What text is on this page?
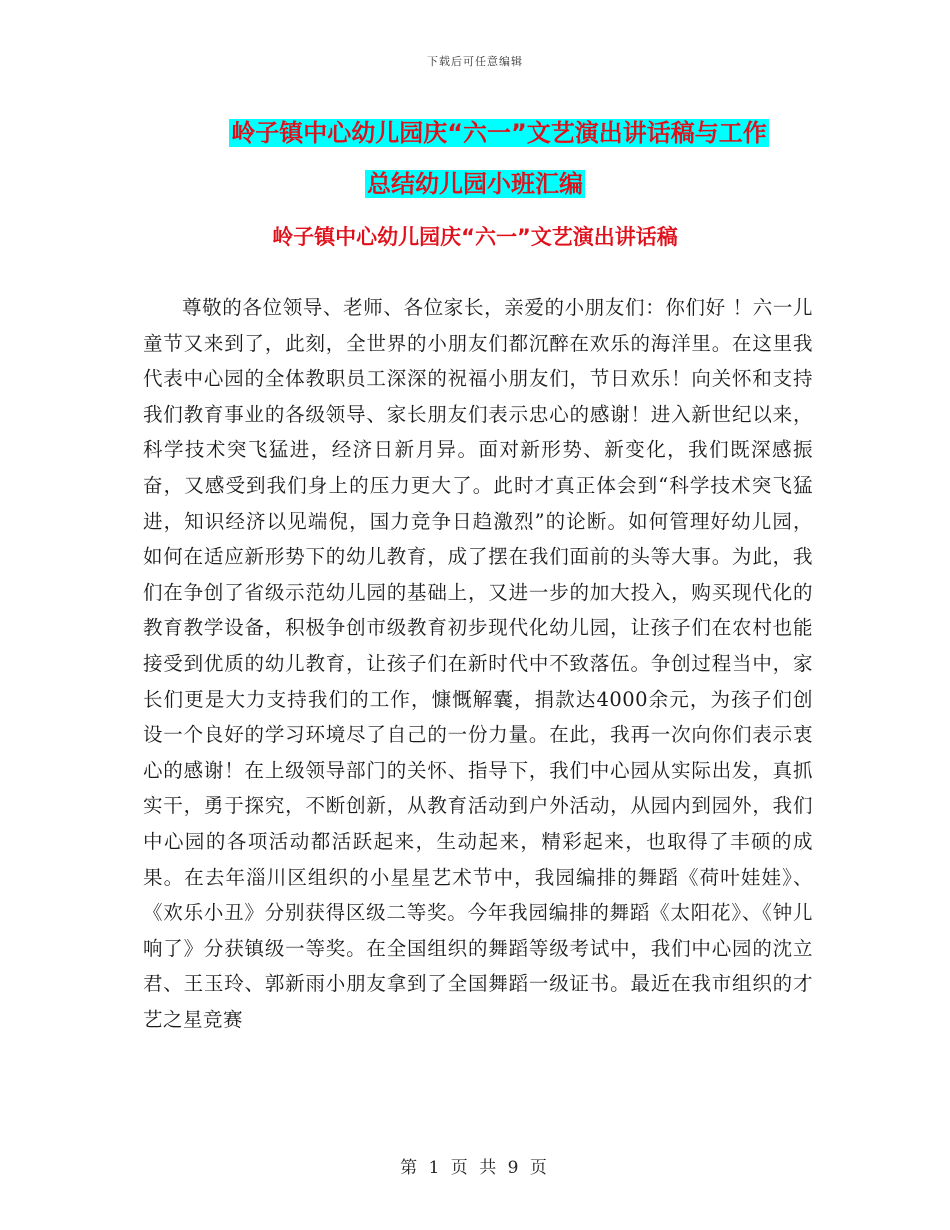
下载后可任意编辑
岭子镇中心幼儿园庆“六一”文艺演出讲话稿与工作
总结幼儿园小班汇编
岭子镇中心幼儿园庆“六一”文艺演出讲话稿
尊敬的各位领导、老师、各位家长，亲爱的小朋友们：你们好 ！六一儿童节又来到了，此刻，全世界的小朋友们都沉醉在欢乐的海洋里。在这里我代表中心园的全体教职员工深深的祝福小朋友们，节日欢乐！向关怀和支持我们教育事业的各级领导、家长朋友们表示忠心的感谢！进入新世纪以来，科学技术突飞猛进，经济日新月异。面对新形势、新变化，我们既深感振奋，又感受到我们身上的压力更大了。此时才真正体会到“科学技术突飞猛进，知识经济以见端倪，国力竞争日趋激烈”的论断。如何管理好幼儿园，如何在适应新形势下的幼儿教育，成了摆在我们面前的头等大事。为此，我们在争创了省级示范幼儿园的基础上，又进一步的加大投入，购买现代化的教育教学设备，积极争创市级教育初步现代化幼儿园，让孩子们在农村也能接受到优质的幼儿教育，让孩子们在新时代中不致落伍。争创过程当中，家长们更是大力支持我们的工作，慷慨解囊，捐款达4000余元，为孩子们创设一个良好的学习环境尽了自己的一份力量。在此，我再一次向你们表示衷心的感谢！在上级领导部门的关怀、指导下，我们中心园从实际出发，真抓实干，勇于探究，不断创新，从教育活动到户外活动，从园内到园外，我们中心园的各项活动都活跃起来，生动起来，精彩起来，也取得了丰硕的成果。在去年淄川区组织的小星星艺术节中，我园编排的舞蹈《荷叶娃娃》、《欢乐小丑》分别获得区级二等奖。今年我园编排的舞蹈《太阳花》、《钟儿响了》分获镇级一等奖。在全国组织的舞蹈等级考试中，我们中心园的沈立君、王玉玲、郭新雨小朋友拿到了全国舞蹈一级证书。最近在我市组织的才艺之星竞赛
第 1 页 共 9 页
